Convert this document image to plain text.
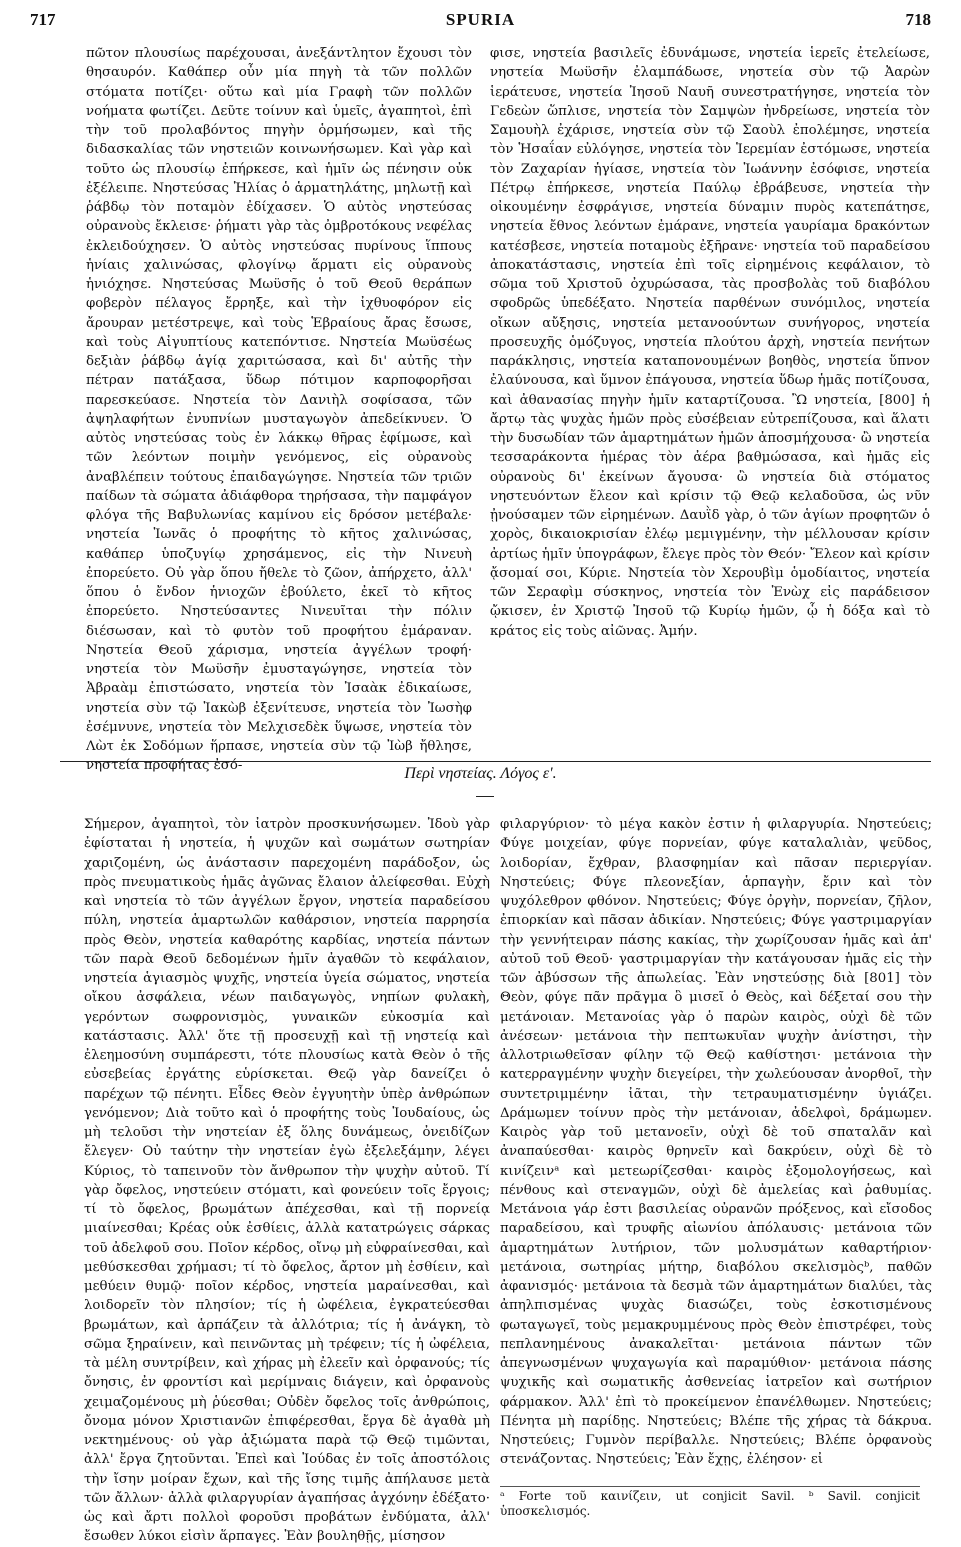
717	SPURIA	718

πῶτον πλουσίως παρέχουσαι, ἀνεξάντλητον ἔχουσι τὸν θησαυρόν. Καθάπερ οὖν μία πηγὴ τὰ τῶν πολλῶν στόματα ποτίζει· οὕτω καὶ μία Γραφὴ τῶν πολλῶν νοήματα φωτίζει. Δεῦτε τοίνυν καὶ ὑμεῖς, ἀγαπητοὶ, ἐπὶ τὴν τοῦ προλαβόντος πηγὴν ὁρμήσωμεν, καὶ τῆς διδασκαλίας τῶν νηστειῶν κοινωνήσωμεν. Καὶ γὰρ καὶ τοῦτο ὡς πλουσίῳ ἐπήρκεσε, καὶ ἡμῖν ὡς πένησιν οὐκ ἐξέλειπε. Νηστεύσας Ἠλίας ὁ ἁρματηλάτης, μηλωτῇ καὶ ῥάβδῳ τὸν ποταμὸν ἐδίχασεν. Ὁ αὐτὸς νηστεύσας οὐρανοὺς ἔκλεισε· ῥήματι γὰρ τὰς ὀμβροτόκους νεφέλας ἐκλειδούχησεν. Ὁ αὐτὸς νηστεύσας πυρίνους ἵππους ἡνίαις χαλινώσας, φλογίνῳ ἅρματι εἰς οὐρανοὺς ἡνιόχησε. Νηστεύσας Μωϋσῆς ὁ τοῦ Θεοῦ θεράπων φοβερὸν πέλαγος ἔρρηξε, καὶ τὴν ἰχθυοφόρον εἰς ἄρουραν μετέστρεψε, καὶ τοὺς Ἑβραίους ἄρας ἔσωσε, καὶ τοὺς Αἰγυπτίους κατεπόντισε. Νηστεία Μωϋσέως δεξιὰν ῥάβδῳ ἁγίᾳ χαριτώσασα, καὶ δι' αὐτῆς τὴν πέτραν πατάξασα, ὕδωρ πότιμον καρποφορῆσαι παρεσκεύασε. Νηστεία τὸν Δανιὴλ σοφίσασα, τῶν ἀψηλαφήτων ἐνυπνίων μυσταγωγὸν ἀπεδείκνυεν. Ὁ αὐτὸς νηστεύσας τοὺς ἐν λάκκῳ θῆρας ἐφίμωσε, καὶ τῶν λεόντων ποιμὴν γενόμενος, εἰς οὐρανοὺς ἀναβλέπειν τούτους ἐπαιδαγώγησε. Νηστεία τῶν τριῶν παίδων τὰ σώματα ἀδιάφθορα τηρήσασα, τὴν παμφάγον φλόγα τῆς Βαβυλωνίας καμίνου εἰς δρόσον μετέβαλε· νηστεία Ἰωνᾶς ὁ προφήτης τὸ κῆτος χαλινώσας, καθάπερ ὑποζυγίῳ χρησάμενος, εἰς τὴν Νινευὴ ἐπορεύετο. Οὐ γὰρ ὅπου ἤθελε τὸ ζῶον, ἀπήρχετο, ἀλλ' ὅπου ὁ ἔνδον ἡνιοχῶν ἐβούλετο, ἐκεῖ τὸ κῆτος ἐπορεύετο. Νηστεύσαντες Νινευῖται τὴν πόλιν διέσωσαν, καὶ τὸ φυτὸν τοῦ προφήτου ἐμάραναν. Νηστεία Θεοῦ χάρισμα, νηστεία ἀγγέλων τροφή· νηστεία τὸν Μωϋσῆν ἐμυσταγώγησε, νηστεία τὸν Ἀβραὰμ ἐπιστώσατο, νηστεία τὸν Ἰσαὰκ ἐδικαίωσε, νηστεία σὺν τῷ Ἰακὼβ ἐξενίτευσε, νηστεία τὸν Ἰωσὴφ ἐσέμνυνε, νηστεία τὸν Μελχισεδὲκ ὕψωσε, νηστεία τὸν Λὼτ ἐκ Σοδόμων ἥρπασε, νηστεία σὺν τῷ Ἰὼβ ἤθλησε, νηστεία προφήτας ἐσό-

φισε, νηστεία βασιλεῖς ἐδυνάμωσε, νηστεία ἱερεῖς ἐτελείωσε, νηστεία Μωϋσῆν ἐλαμπάδωσε, νηστεία σὺν τῷ Ἀαρὼν ἱεράτευσε, νηστεία Ἰησοῦ Ναυῆ συνεστρατήγησε, νηστεία τὸν Γεδεὼν ὥπλισε, νηστεία τὸν Σαμψὼν ἠνδρείωσε, νηστεία τὸν Σαμουὴλ ἐχάρισε, νηστεία σὺν τῷ Σαοὺλ ἐπολέμησε, νηστεία τὸν Ἡσαΐαν εὐλόγησε, νηστεία τὸν Ἱερεμίαν ἐστόμωσε, νηστεία τὸν Ζαχαρίαν ἡγίασε, νηστεία τὸν Ἰωάννην ἐσόφισε, νηστεία Πέτρῳ ἐπήρκεσε, νηστεία Παύλῳ ἐβράβευσε, νηστεία τὴν οἰκουμένην ἐσφράγισε, νηστεία δύναμιν πυρὸς κατεπάτησε, νηστεία ἔθνος λεόντων ἐμάρανε, νηστεία γαυρίαμα δρακόντων κατέσβεσε, νηστεία ποταμοὺς ἐξῆρανε· νηστεία τοῦ παραδείσου ἀποκατάστασις, νηστεία ἐπὶ τοῖς εἰρημένοις κεφάλαιον, τὸ σῶμα τοῦ Χριστοῦ ὀχυρώσασα, τὰς προσβολὰς τοῦ διαβόλου σφοδρῶς ὑπεδέξατο. Νηστεία παρθένων συνόμιλος, νηστεία οἴκων αὔξησις, νηστεία μετανοούντων συνήγορος, νηστεία προσευχῆς ὁμόζυγος, νηστεία πλούτου ἀρχὴ, νηστεία πενήτων παράκλησις, νηστεία καταπονουμένων βοηθὸς, νηστεία ὕπνον ἐλαύνουσα, καὶ ὕμνον ἐπάγουσα, νηστεία ὕδωρ ἡμᾶς ποτίζουσα, καὶ ἀθανασίας πηγὴν ἡμῖν καταρτίζουσα. Ὢ νηστεία, [800] ἡ ἄρτῳ τὰς ψυχὰς ἡμῶν πρὸς εὐσέβειαν εὐτρεπίζουσα, καὶ ἅλατι τὴν δυσωδίαν τῶν ἁμαρτημάτων ἡμῶν ἀποσμήχουσα· ὢ νηστεία τεσσαράκοντα ἡμέρας τὸν ἀέρα βαθμώσασα, καὶ ἡμᾶς εἰς οὐρανοὺς δι' ἐκείνων ἄγουσα· ὢ νηστεία διὰ στόματος νηστευόντων ἔλεον καὶ κρίσιν τῷ Θεῷ κελαδοῦσα, ὡς νῦν ᾐνούσαμεν τῶν εἰρημένων. Δαυῒδ γὰρ, ὁ τῶν ἁγίων προφητῶν ὁ χορὸς, δικαιοκρισίαν ἐλέῳ μεμιγμένην, τὴν μέλλουσαν κρίσιν ἀρτίως ἡμῖν ὑπογράφων, ἔλεγε πρὸς τὸν Θεόν· Ἔλεον καὶ κρίσιν ᾄσομαί σοι, Κύριε. Νηστεία τὸν Χερουβὶμ ὁμοδίαιτος, νηστεία τῶν Σεραφὶμ σύσκηνος, νηστεία τὸν Ἐνὼχ εἰς παράδεισον ᾤκισεν, ἐν Χριστῷ Ἰησοῦ τῷ Κυρίῳ ἡμῶν, ᾧ ἡ δόξα καὶ τὸ κράτος εἰς τοὺς αἰῶνας. Ἀμήν.

Περὶ νηστείας. Λόγος ε'.

Σήμερον, ἀγαπητοὶ, τὸν ἰατρὸν προσκυνήσωμεν. Ἰδοὺ γὰρ ἐφίσταται ἡ νηστεία, ἡ ψυχῶν καὶ σωμάτων σωτηρίαν χαριζομένη, ὡς ἀνάστασιν παρεχομένη παράδοξον, ὡς πρὸς πνευματικοὺς ἡμᾶς ἀγῶνας ἔλαιον ἀλείφεσθαι. Εὐχὴ καὶ νηστεία τὸ τῶν ἀγγέλων ἔργον, νηστεία παραδείσου πύλη, νηστεία ἁμαρτωλῶν καθάρσιον, νηστεία παρρησία πρὸς Θεὸν, νηστεία καθαρότης καρδίας, νηστεία πάντων τῶν παρὰ Θεοῦ δεδομένων ἡμῖν ἀγαθῶν τὸ κεφάλαιον, νηστεία ἁγιασμὸς ψυχῆς, νηστεία ὑγεία σώματος, νηστεία οἴκου ἀσφάλεια, νέων παιδαγωγὸς, νηπίων φυλακὴ, γερόντων σωφρονισμὸς, γυναικῶν εὐκοσμία καὶ κατάστασις. Ἀλλ' ὅτε τῇ προσευχῇ καὶ τῇ νηστείᾳ καὶ ἐλεημοσύνη συμπάρεστι, τότε πλουσίως κατὰ Θεὸν ὁ τῆς εὐσεβείας ἐργάτης εὑρίσκεται. Θεῷ γὰρ δανείζει ὁ παρέχων τῷ πένητι. Εἶδες Θεὸν ἐγγυητὴν ὑπὲρ ἀνθρώπων γενόμενον; Διὰ τοῦτο καὶ ὁ προφήτης τοὺς Ἰουδαίους, ὡς μὴ τελοῦσι τὴν νηστείαν ἐξ ὅλης δυνάμεως, ὀνειδίζων ἔλεγεν· Οὐ ταύτην τὴν νηστείαν ἐγὼ ἐξελεξάμην, λέγει Κύριος, τὸ ταπεινοῦν τὸν ἄνθρωπον τὴν ψυχὴν αὐτοῦ. Τί γὰρ ὄφελος, νηστεύειν στόματι, καὶ φονεύειν τοῖς ἔργοις; τί τὸ ὄφελος, βρωμάτων ἀπέχεσθαι, καὶ τῇ πορνείᾳ μιαίνεσθαι; Κρέας οὐκ ἐσθίεις, ἀλλὰ κατατρώγεις σάρκας τοῦ ἀδελφοῦ σου. Ποῖον κέρδος, οἴνῳ μὴ εὐφραίνεσθαι, καὶ μεθύσκεσθαι χρήμασι; τί τὸ ὄφελος, ἄρτον μὴ ἐσθίειν, καὶ μεθύειν θυμῷ· ποῖον κέρδος, νηστεία μαραίνεσθαι, καὶ λοιδορεῖν τὸν πλησίον; τίς ἡ ὠφέλεια, ἐγκρατεύεσθαι βρωμάτων, καὶ ἁρπάζειν τὰ ἀλλότρια; τίς ἡ ἀνάγκη, τὸ σῶμα ξηραίνειν, καὶ πεινῶντας μὴ τρέφειν; τίς ἡ ὠφέλεια, τὰ μέλη συντρίβειν, καὶ χήρας μὴ ἐλεεῖν καὶ ὀρφανούς; τίς ὄνησις, ἐν φροντίσι καὶ μερίμναις διάγειν, καὶ ὀρφανοὺς χειμαζομένους μὴ ῥύεσθαι; Οὐδὲν ὄφελος τοῖς ἀνθρώποις, ὄνομα μόνον Χριστιανῶν ἐπιφέρεσθαι, ἔργα δὲ ἀγαθὰ μὴ νεκτημένους· οὐ γὰρ ἀξιώματα παρὰ τῷ Θεῷ τιμῶνται, ἀλλ' ἔργα ζητοῦνται. Ἐπεὶ καὶ Ἰούδας ἐν τοῖς ἀποστόλοις τὴν ἴσην μοίραν ἔχων, καὶ τῆς ἴσης τιμῆς ἀπήλαυσε μετὰ τῶν ἄλλων· ἀλλὰ φιλαργυρίαν ἀγαπήσας ἀγχόνην ἐδέξατο· ὡς καὶ ἄρτι πολλοὶ φοροῦσι προβάτων ἐνδύματα, ἀλλ' ἔσωθεν λύκοι εἰσὶν ἅρπαγες. Ἐὰν βουληθῇς, μίσησον

φιλαργύριον· τὸ μέγα κακὸν ἐστιν ἡ φιλαργυρία. Νηστεύεις; Φύγε μοιχείαν, φύγε πορνείαν, φύγε καταλαλιὰν, ψεῦδος, λοιδορίαν, ἔχθραν, βλασφημίαν καὶ πᾶσαν περιεργίαν. Νηστεύεις; Φύγε πλεονεξίαν, ἁρπαγὴν, ἔριν καὶ τὸν ψυχόλεθρον φθόνον. Νηστεύεις; Φύγε ὀργὴν, πορνείαν, ζῆλον, ἐπιορκίαν καὶ πᾶσαν ἀδικίαν. Νηστεύεις; Φύγε γαστριμαργίαν τὴν γεννήτειραν πάσης κακίας, τὴν χωρίζουσαν ἡμᾶς καὶ ἀπ' αὐτοῦ τοῦ Θεοῦ· γαστριμαργίαν τὴν κατάγουσαν ἡμᾶς εἰς τὴν τῶν ἀβύσσων τῆς ἀπωλείας. Ἐὰν νηστεύσῃς διὰ [801] τὸν Θεὸν, φύγε πᾶν πρᾶγμα ὃ μισεῖ ὁ Θεὸς, καὶ δέξεταί σου τὴν μετάνοιαν. Μετανοίας γὰρ ὁ παρὼν καιρὸς, οὐχὶ δὲ τῶν ἀνέσεων· μετάνοια τὴν πεπτωκυῖαν ψυχὴν ἀνίστησι, τὴν ἀλλοτριωθεῖσαν φίλην τῷ Θεῷ καθίστησι· μετάνοια τὴν κατερραγμένην ψυχὴν διεγείρει, τὴν χωλεύουσαν ἀνορθοῖ, τὴν συντετριμμένην ἰᾶται, τὴν τετραυματισμένην ὑγιάζει. Δράμωμεν τοίνυν πρὸς τὴν μετάνοιαν, ἀδελφοὶ, δράμωμεν. Καιρὸς γὰρ τοῦ μετανοεῖν, οὐχὶ δὲ τοῦ σπαταλᾶν καὶ ἀναπαύεσθαι· καιρὸς θρηνεῖν καὶ δακρύειν, οὐχὶ δὲ τὸ κινίζεινᵃ καὶ μετεωρίζεσθαι· καιρὸς ἐξομολογήσεως, καὶ πένθους καὶ στεναγμῶν, οὐχὶ δὲ ἀμελείας καὶ ῥαθυμίας. Μετάνοια γάρ ἐστι βασιλείας οὐρανῶν πρόξενος, καὶ εἴσοδος παραδείσου, καὶ τρυφῆς αἰωνίου ἀπόλαυσις· μετάνοια τῶν ἁμαρτημάτων λυτήριον, τῶν μολυσμάτων καθαρτήριον· μετάνοια, σωτηρίας μήτηρ, διαβόλου σκελισμὸςᵇ, παθῶν ἀφανισμός· μετάνοια τὰ δεσμὰ τῶν ἁμαρτημάτων διαλύει, τὰς ἀπηλπισμένας ψυχὰς διασώζει, τοὺς ἐσκοτισμένους φωταγωγεῖ, τοὺς μεμακρυμμένους πρὸς Θεὸν ἐπιστρέφει, τοὺς πεπλανημένους ἀνακαλεῖται· μετάνοια πάντων τῶν ἀπεγνωσμένων ψυχαγωγία καὶ παραμύθιον· μετάνοια πάσης ψυχικῆς καὶ σωματικῆς ἀσθενείας ἰατρεῖον καὶ σωτήριον φάρμακον. Ἀλλ' ἐπὶ τὸ προκείμενον ἐπανέλθωμεν. Νηστεύεις; Πένητα μὴ παρίδῃς. Νηστεύεις; Βλέπε τῆς χήρας τὰ δάκρυα. Νηστεύεις; Γυμνὸν περίβαλλε. Νηστεύεις; Βλέπε ὀρφανοὺς στενάζοντας. Νηστεύεις; Ἐὰν ἔχῃς, ἐλέησον· εἰ

ᵃ Forte τοῦ καινίζειν, ut conjicit Savil. ᵇ Savil. conjicit ὑποσκελισμός.
